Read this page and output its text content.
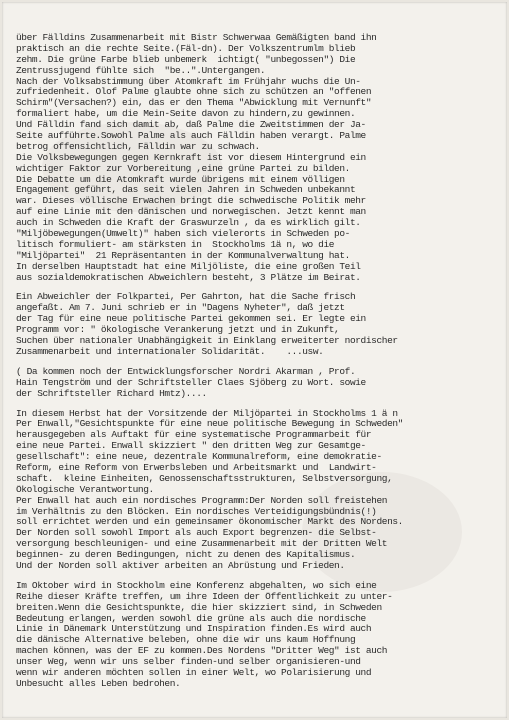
über Fälldins Zusammenarbeit mit Bistr Schwerwaa Gemäßigten band ihn
praktisch an die rechte Seite.(Fäl-dn). Der Volkszentrumlm blieb
zehm. Die grüne Farbe blieb unbemerk  ichtigt( "unbegossen") Die
Zentrussjugend fühlte sich  "be..".Untergangen.
Nach der Volksabstimmung über Atomkraft im Frühjahr wuchs die Un-
zufriedenheit. Olof Palme glaubte ohne sich zu schützen an "offenen
Schirm"(Versachen?) ein, das er den Thema "Abwicklung mit Vernunft"
formaliert habe, um die Mein-Seite davon zu hindern,zu gewinnen.
Und Fälldin fand sich damit ab, daß Palme die Zweitstimmen der Ja-
Seite aufführte.Sowohl Palme als auch Fälldin haben verargt. Palme
betrog offensichtlich, Fälldin war zu schwach.
Die Volksbewegungen gegen Kernkraft ist vor diesem Hintergrund ein
wichtiger Faktor zur Vorbereitung ,eine grüne Partei zu bilden.
Die Debatte um die Atomkraft wurde übrigens mit einem völligen
Engagement geführt, das seit vielen Jahren in Schweden unbekannt
war. Dieses völlische Erwachen bringt die schwedische Politik mehr
auf eine Linie mit den dänischen und norwegischen. Jetzt kennt man
auch in Schweden die Kraft der Graswurzeln , da es wirklich gilt.
"Miljöbewegungen(Umwelt)" haben sich vielerorts in Schweden po-
litisch formuliert- am stärksten in  Stockholms 1ä n, wo die
"Miljöpartei"  21 Repräsentanten in der Kommunalverwaltung hat.
In derselben Hauptstadt hat eine Miljöliste, die eine großen Teil
aus sozialdemokratischen Abweichlern besteht, 3 Plätze im Beirat.
Ein Abweichler der Folkpartei, Per Gahrton, hat die Sache frisch
angefaßt. Am 7. Juni schrieb er in "Dagens Nyheter", daß jetzt
der Tag für eine neue politische Partei gekommen sei. Er legte ein
Programm vor: " ökologische Verankerung jetzt und in Zukunft,
Suchen über nationaler Unabhängigkeit in Einklang erweiterter nordischer
Zusammenarbeit und internationaler Solidarität.    ...usw.
( Da kommen noch der Entwicklungsforscher Nordri Akarman , Prof.
Hain Tengström und der Schriftsteller Claes Sjöberg zu Wort. sowie
der Schriftsteller Richard Hmtz)....
In diesem Herbst hat der Vorsitzende der Miljöpartei in Stockholms 1 ä n
Per Enwall,"Gesichtspunkte für eine neue politische Bewegung in Schweden"
herausgegeben als Auftakt für eine systematische Programmarbeit für
eine neue Partei. Enwall skizziert " den dritten Weg zur Gesamtge-
gesellschaft": eine neue, dezentrale Kommunalreform, eine demokratie-
Reform, eine Reform von Erwerbsleben und Arbeitsmarkt und  Landwirt-
schaft.  kleine Einheiten, Genossenschaftsstrukturen, Selbstversorgung,
Ökologische Verantwortung.
Per Enwall hat auch ein nordisches Programm:Der Norden soll freistehen
im Verhältnis zu den Blöcken. Ein nordisches Verteidigungsbündnis(!)
soll errichtet werden und ein gemeinsamer ökonomischer Markt des Nordens.
Der Norden soll sowohl Import als auch Export begrenzen- die Selbst-
versorgung beschleunigen- und eine Zusammenarbeit mit der Dritten Welt
beginnen- zu deren Bedingungen, nicht zu denen des Kapitalismus.
Und der Norden soll aktiver arbeiten an Abrüstung und Frieden.
Im Oktober wird in Stockholm eine Konferenz abgehalten, wo sich eine
Reihe dieser Kräfte treffen, um ihre Ideen der Öffentlichkeit zu unter-
breiten.Wenn die Gesichtspunkte, die hier skizziert sind, in Schweden
Bedeutung erlangen, werden sowohl die grüne als auch die nordische
Linie in Dänemark Unterstützung und Inspiration finden.Es wird auch
die dänische Alternative beleben, ohne die wir uns kaum Hoffnung
machen können, was der EF zu kommen.Des Nordens "Dritter Weg" ist auch
unser Weg, wenn wir uns selber finden-und selber organisieren-und
wenn wir anderen möchten sollen in einer Welt, wo Polarisierung und
Unbesucht alles Leben bedrohen.
